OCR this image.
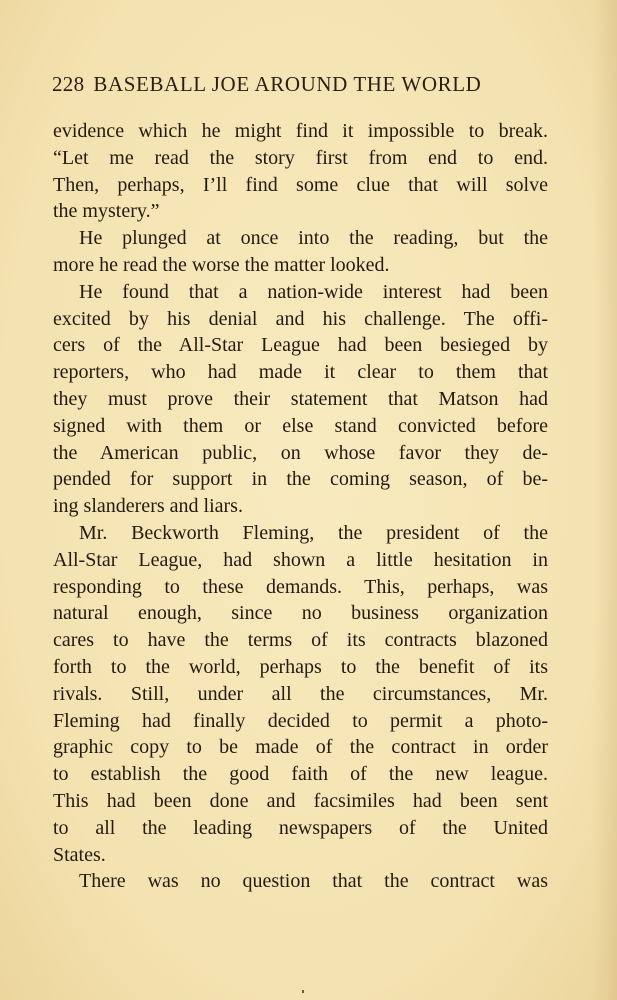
228 BASEBALL JOE AROUND THE WORLD
evidence which he might find it impossible to break.
“Let me read the story first from end to end.
Then, perhaps, I’ll find some clue that will solve
the mystery.”
He plunged at once into the reading, but the
more he read the worse the matter looked.
He found that a nation-wide interest had been
excited by his denial and his challenge. The offi-
cers of the All-Star League had been besieged by
reporters, who had made it clear to them that
they must prove their statement that Matson had
signed with them or else stand convicted before
the American public, on whose favor they de-
pended for support in the coming season, of be-
ing slanderers and liars.
Mr. Beckworth Fleming, the president of the
All-Star League, had shown a little hesitation in
responding to these demands. This, perhaps, was
natural enough, since no business organization
cares to have the terms of its contracts blazoned
forth to the world, perhaps to the benefit of its
rivals. Still, under all the circumstances, Mr.
Fleming had finally decided to permit a photo-
graphic copy to be made of the contract in order
to establish the good faith of the new league.
This had been done and facsimiles had been sent
to all the leading newspapers of the United
States.
There was no question that the contract was
